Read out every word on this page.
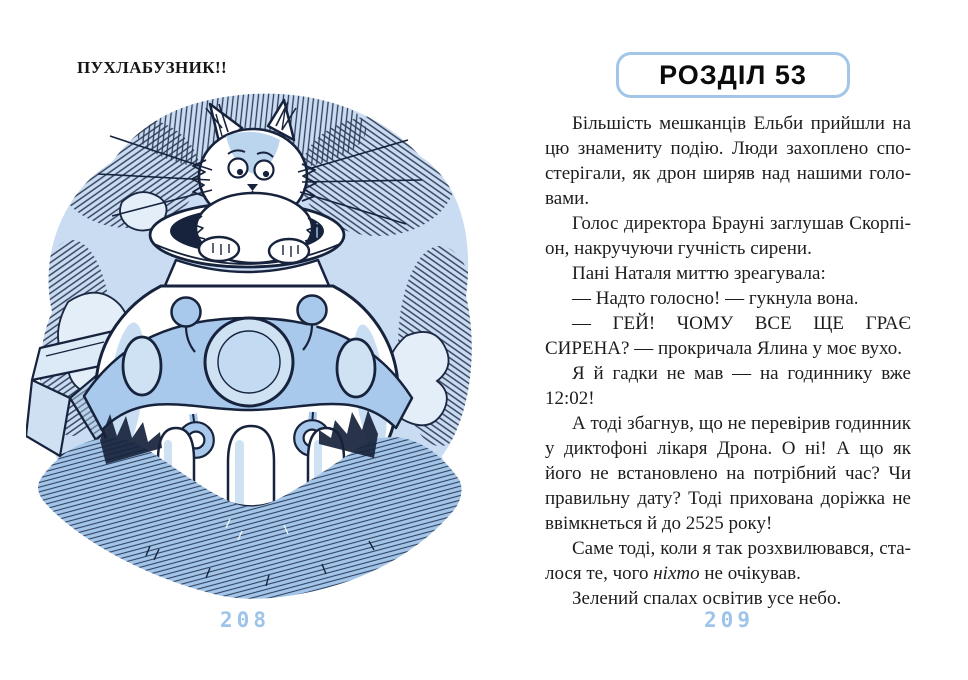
ПУХЛАБУЗНИК!!
208
РОЗДІЛ 53

Більшість мешканців Ельби прийшли на цю знамениту подію. Люди захоплено спостерігали, як дрон ширяв над нашими головами.

Голос директора Брауні заглушав Скорпіон, накручуючи гучність сирени.

Пані Наталя миттю зреагувала:

— Надто голосно! — гукнула вона.

— ГЕЙ! ЧОМУ ВСЕ ЩЕ ГРАЄ СИРЕНА? — прокричала Ялина у моє вухо.

Я й гадки не мав — на годиннику вже 12:02!

А тоді збагнув, що не перевірив годинник у диктофоні лікаря Дрона. О ні! А що як його не встановлено на потрібний час? Чи правильну дату? Тоді прихована доріжка не ввімкнеться й до 2525 року!

Саме тоді, коли я так розхвилювався, сталося те, чого ніхто не очікував.

Зелений спалах освітив усе небо.

209
